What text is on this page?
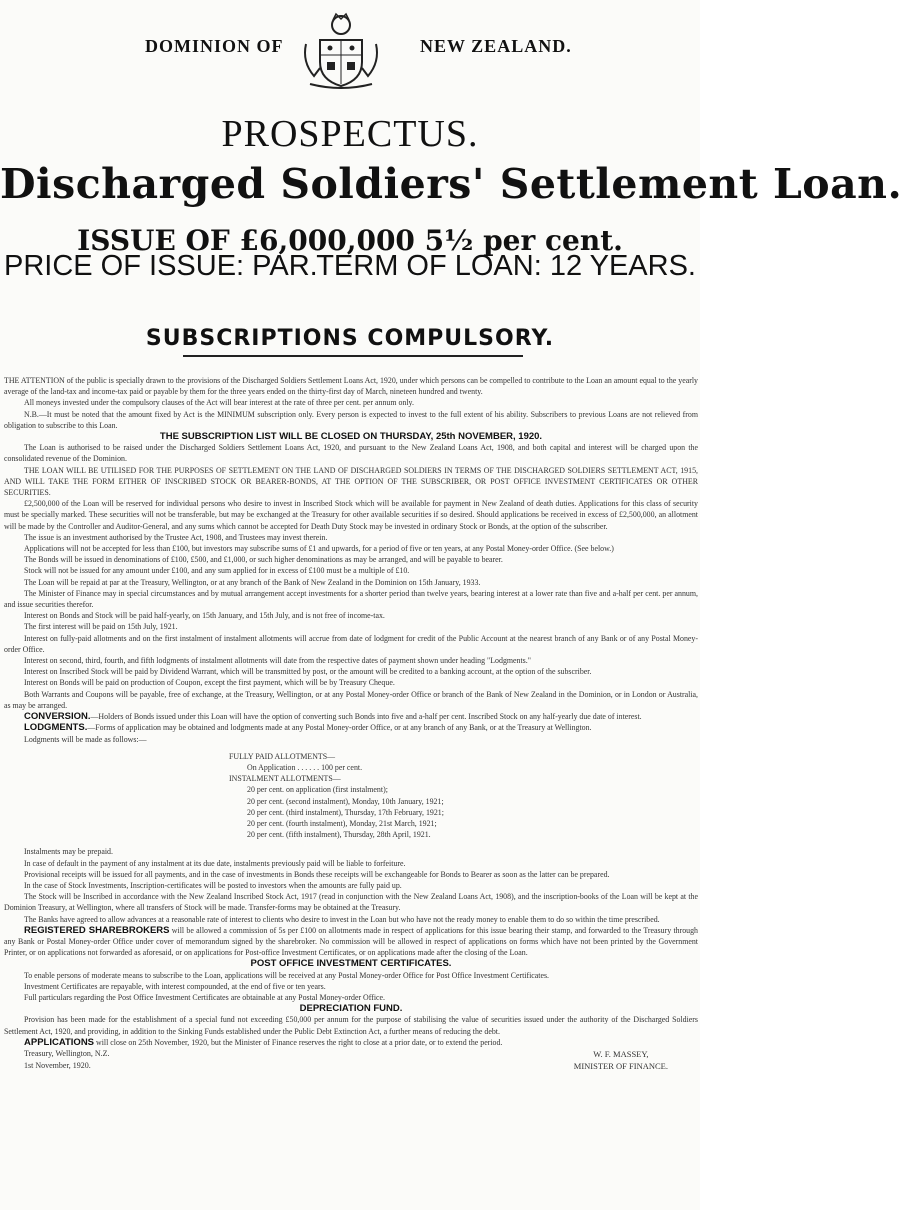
DOMINION OF	NEW ZEALAND.
PROSPECTUS.
Discharged Soldiers' Settlement Loan.
ISSUE OF £6,000,000 5½ per cent.
PRICE OF ISSUE: PAR.
TERM OF LOAN: 12 YEARS.
SUBSCRIPTIONS COMPULSORY.

THE ATTENTION of the public is specially drawn to the provisions of the Discharged Soldiers Settlement Loans Act, 1920, under which persons can be compelled to contribute to the Loan an amount equal to the yearly average of the land-tax and income-tax paid or payable by them for the three years ended on the thirty-first day of March, nineteen hundred and twenty.

All moneys invested under the compulsory clauses of the Act will bear interest at the rate of three per cent. per annum only.

N.B.—It must be noted that the amount fixed by Act is the MINIMUM subscription only. Every person is expected to invest to the full extent of his ability. Subscribers to previous Loans are not relieved from obligation to subscribe to this Loan.

THE SUBSCRIPTION LIST WILL BE CLOSED ON THURSDAY, 25th NOVEMBER, 1920.

The Loan is authorised to be raised under the Discharged Soldiers Settlement Loans Act, 1920, and pursuant to the New Zealand Loans Act, 1908, and both capital and interest will be charged upon the consolidated revenue of the Dominion.

THE LOAN WILL BE UTILISED FOR THE PURPOSES OF SETTLEMENT ON THE LAND OF DISCHARGED SOLDIERS IN TERMS OF THE DISCHARGED SOLDIERS SETTLEMENT ACT, 1915, AND WILL TAKE THE FORM EITHER OF INSCRIBED STOCK OR BEARER-BONDS, AT THE OPTION OF THE SUBSCRIBER, OR POST OFFICE INVESTMENT CERTIFICATES OR OTHER SECURITIES.

£2,500,000 of the Loan will be reserved for individual persons who desire to invest in Inscribed Stock which will be available for payment in New Zealand of death duties. Applications for this class of security must be specially marked. These securities will not be transferable, but may be exchanged at the Treasury for other available securities if so desired. Should applications be received in excess of £2,500,000, an allotment will be made by the Controller and Auditor-General, and any sums which cannot be accepted for Death Duty Stock may be invested in ordinary Stock or Bonds, at the option of the subscriber.

The issue is an investment authorised by the Trustee Act, 1908, and Trustees may invest therein.

Applications will not be accepted for less than £100, but investors may subscribe sums of £1 and upwards, for a period of five or ten years, at any Postal Money-order Office. (See below.)

The Bonds will be issued in denominations of £100, £500, and £1,000, or such higher denominations as may be arranged, and will be payable to bearer.

Stock will not be issued for any amount under £100, and any sum applied for in excess of £100 must be a multiple of £10.

The Loan will be repaid at par at the Treasury, Wellington, or at any branch of the Bank of New Zealand in the Dominion on 15th January, 1933.

The Minister of Finance may in special circumstances and by mutual arrangement accept investments for a shorter period than twelve years, bearing interest at a lower rate than five and a-half per cent. per annum, and issue securities therefor.

Interest on Bonds and Stock will be paid half-yearly, on 15th January, and 15th July, and is not free of income-tax.

The first interest will be paid on 15th July, 1921.

Interest on fully-paid allotments and on the first instalment of instalment allotments will accrue from date of lodgment for credit of the Public Account at the nearest branch of any Bank or of any Postal Money-order Office.

Interest on second, third, fourth, and fifth lodgments of instalment allotments will date from the respective dates of payment shown under heading "Lodgments."

Interest on Inscribed Stock will be paid by Dividend Warrant, which will be transmitted by post, or the amount will be credited to a banking account, at the option of the subscriber.

Interest on Bonds will be paid on production of Coupon, except the first payment, which will be by Treasury Cheque.

Both Warrants and Coupons will be payable, free of exchange, at the Treasury, Wellington, or at any Postal Money-order Office or branch of the Bank of New Zealand in the Dominion, or in London or Australia, as may be arranged.

CONVERSION.—Holders of Bonds issued under this Loan will have the option of converting such Bonds into five and a-half per cent. Inscribed Stock on any half-yearly due date of interest.

LODGMENTS.—Forms of application may be obtained and lodgments made at any Postal Money-order Office, or at any branch of any Bank, or at the Treasury at Wellington.

Lodgments will be made as follows:—

FULLY PAID ALLOTMENTS—
On Application . . . . . . 100 per cent.
INSTALMENT ALLOTMENTS—
20 per cent. on application (first instalment);
20 per cent. (second instalment), Monday, 10th January, 1921;
20 per cent. (third instalment), Thursday, 17th February, 1921;
20 per cent. (fourth instalment), Monday, 21st March, 1921;
20 per cent. (fifth instalment), Thursday, 28th April, 1921.

Instalments may be prepaid.

In case of default in the payment of any instalment at its due date, instalments previously paid will be liable to forfeiture.

Provisional receipts will be issued for all payments, and in the case of investments in Bonds these receipts will be exchangeable for Bonds to Bearer as soon as the latter can be prepared.

In the case of Stock Investments, Inscription-certificates will be posted to investors when the amounts are fully paid up.

The Stock will be Inscribed in accordance with the New Zealand Inscribed Stock Act, 1917 (read in conjunction with the New Zealand Loans Act, 1908), and the inscription-books of the Loan will be kept at the Dominion Treasury, at Wellington, where all transfers of Stock will be made. Transfer-forms may be obtained at the Treasury.

The Banks have agreed to allow advances at a reasonable rate of interest to clients who desire to invest in the Loan but who have not the ready money to enable them to do so within the time prescribed.

REGISTERED SHAREBROKERS will be allowed a commission of 5s per £100 on allotments made in respect of applications for this issue bearing their stamp, and forwarded to the Treasury through any Bank or Postal Money-order Office under cover of memorandum signed by the sharebroker. No commission will be allowed in respect of applications on forms which have not been printed by the Government Printer, or on applications not forwarded as aforesaid, or on applications for Post-office Investment Certificates, or on applications made after the closing of the Loan.

POST OFFICE INVESTMENT CERTIFICATES.

To enable persons of moderate means to subscribe to the Loan, applications will be received at any Postal Money-order Office for Post Office Investment Certificates.

Investment Certificates are repayable, with interest compounded, at the end of five or ten years.

Full particulars regarding the Post Office Investment Certificates are obtainable at any Postal Money-order Office.

DEPRECIATION FUND.

Provision has been made for the establishment of a special fund not exceeding £50,000 per annum for the purpose of stabilising the value of securities issued under the authority of the Discharged Soldiers Settlement Act, 1920, and providing, in addition to the Sinking Funds established under the Public Debt Extinction Act, a further means of reducing the debt.

APPLICATIONS will close on 25th November, 1920, but the Minister of Finance reserves the right to close at a prior date, or to extend the period.

Treasury, Wellington, N.Z.
1st November, 1920.
W. F. MASSEY,
MINISTER OF FINANCE.
